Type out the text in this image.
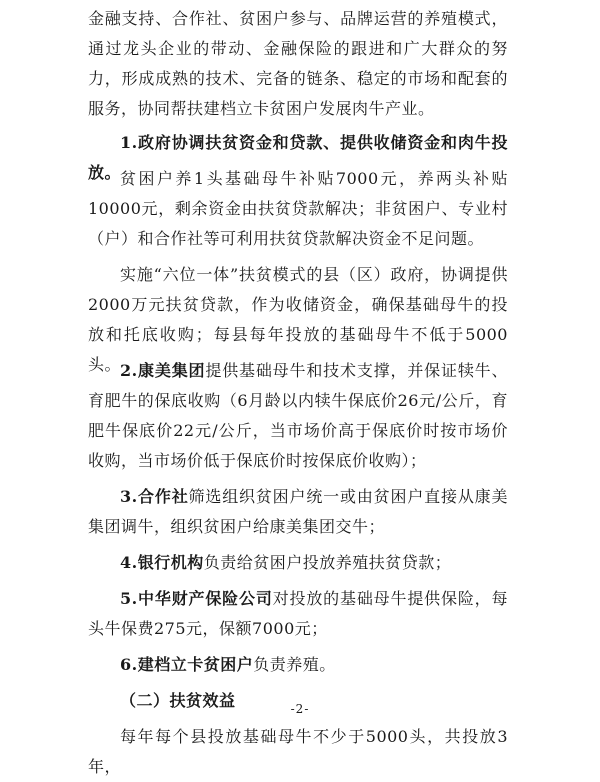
金融支持、合作社、贫困户参与、品牌运营的养殖模式，通过龙头企业的带动、金融保险的跟进和广大群众的努力，形成成熟的技术、完备的链条、稳定的市场和配套的服务，协同帮扶建档立卡贫困户发展肉牛产业。

1.政府协调扶贫资金和贷款、提供收储资金和肉牛投放。

贫困户养1头基础母牛补贴7000元，养两头补贴10000元，剩余资金由扶贫贷款解决；非贫困户、专业村（户）和合作社等可利用扶贫贷款解决资金不足问题。

实施“六位一体”扶贫模式的县（区）政府，协调提供2000万元扶贫贷款，作为收储资金，确保基础母牛的投放和托底收购；每县每年投放的基础母牛不低于5000头。

2.康美集团提供基础母牛和技术支撑，并保证犊牛、育肥牛的保底收购（6月龄以内犊牛保底价26元/公斤，育肥牛保底价22元/公斤，当市场价高于保底价时按市场价收购，当市场价低于保底价时按保底价收购）；

3.合作社筛选组织贫困户统一或由贫困户直接从康美集团调牛，组织贫困户给康美集团交牛；

4.银行机构负责给贫困户投放养殖扶贫贷款；

5.中华财产保险公司对投放的基础母牛提供保险，每头牛保费275元，保额7000元；

6.建档立卡贫困户负责养殖。

（二）扶贫效益

每年每个县投放基础母牛不少于5000头，共投放3年，

-2-
